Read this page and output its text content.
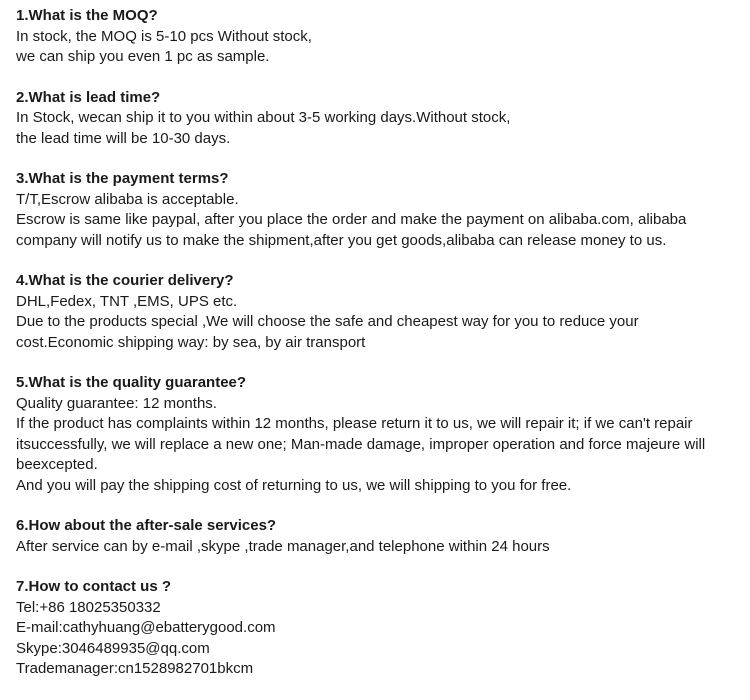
1.What is the MOQ?

In stock, the MOQ is 5-10 pcs Without stock,

we can ship you even 1 pc as sample.

2.What is lead time?

In Stock, wecan ship it to you within about 3-5 working days.Without stock,

the lead time will be 10-30 days.

3.What is the payment terms?

T/T,Escrow alibaba is acceptable.

Escrow is same like paypal, after you place the order and make the payment on alibaba.com, alibaba

company will notify us to make the shipment,after you get goods,alibaba can release money to us.

4.What is the courier delivery?

DHL,Fedex, TNT ,EMS, UPS etc.

Due to the products special ,We will choose the safe and cheapest way for you to reduce your

cost.Economic shipping way: by sea, by air transport

5.What is the quality guarantee?

Quality guarantee: 12 months.

If the product has complaints within 12 months, please return it to us, we will repair it; if we can't repair

itsuccessfully, we will replace a new one; Man-made damage, improper operation and force majeure will

beexcepted.

And you will pay the shipping cost of returning to us, we will shipping to you for free.

6.How about the after-sale services?

After service can by e-mail ,skype ,trade manager,and telephone within 24 hours

7.How to contact us ?

Tel:+86 18025350332

E-mail:cathyhuang@ebatterygood.com

Skype:3046489935@qq.com

Trademanager:cn1528982701bkcm
